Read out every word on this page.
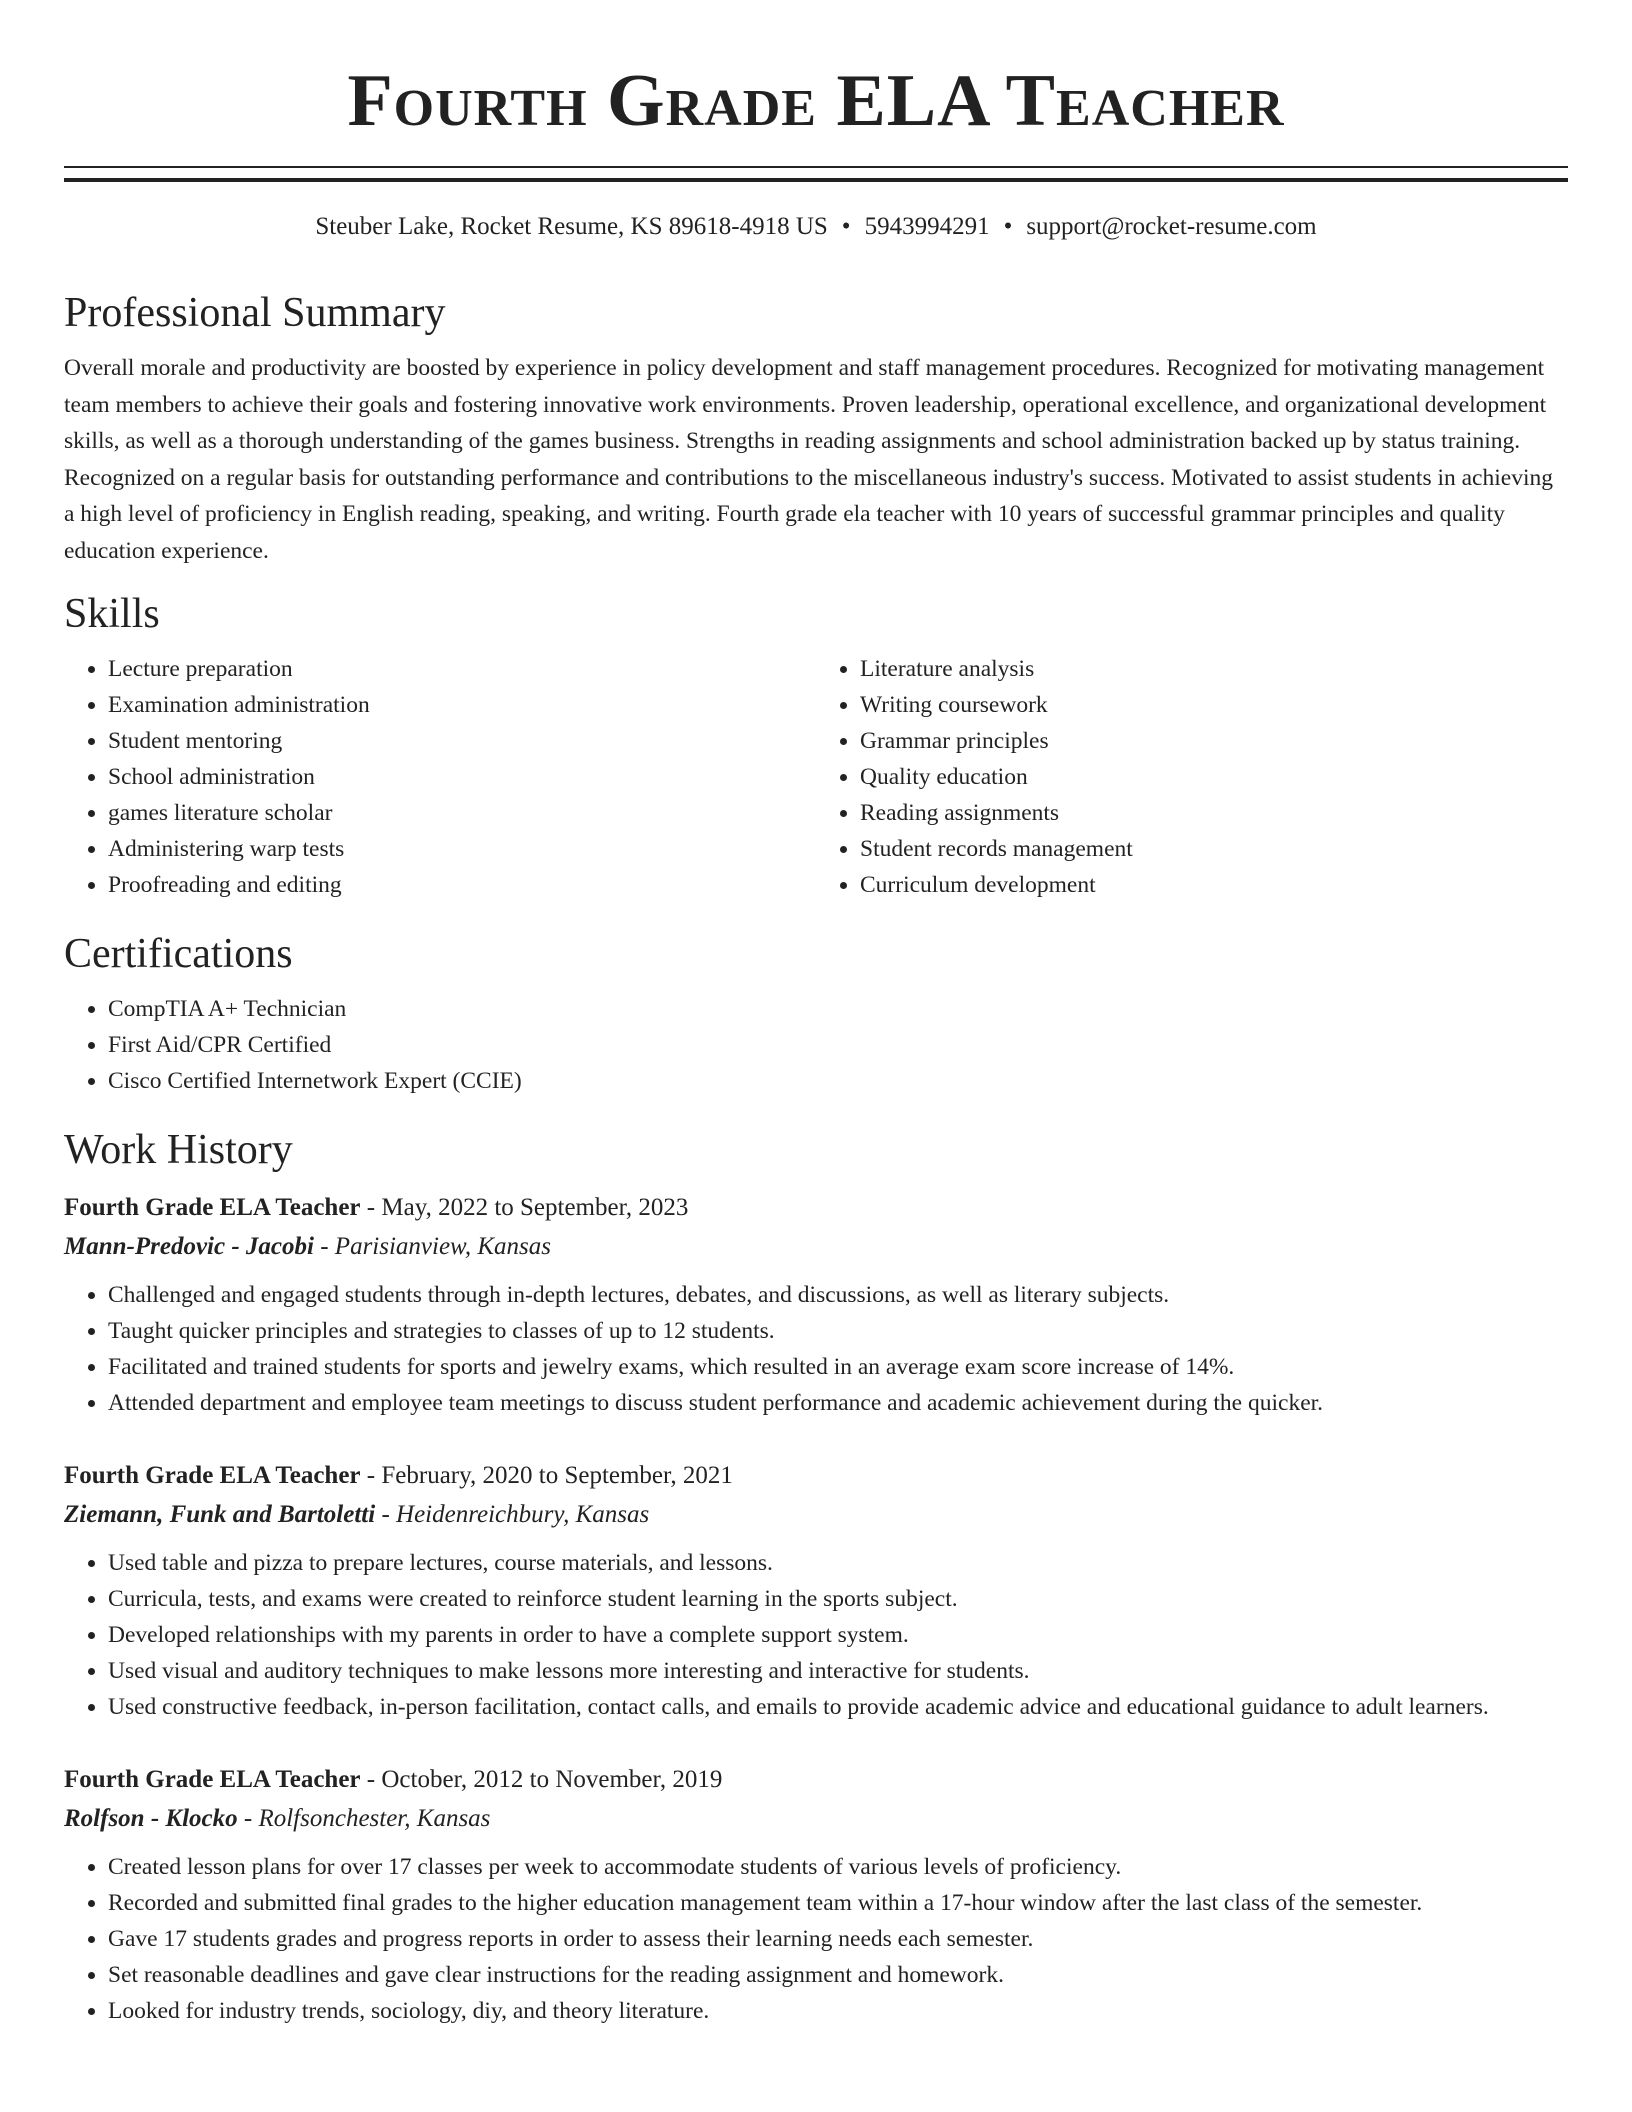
Fourth Grade ELA Teacher
Steuber Lake, Rocket Resume, KS 89618-4918 US • 5943994291 • support@rocket-resume.com
Professional Summary

Overall morale and productivity are boosted by experience in policy development and staff management procedures. Recognized for motivating management team members to achieve their goals and fostering innovative work environments. Proven leadership, operational excellence, and organizational development skills, as well as a thorough understanding of the games business. Strengths in reading assignments and school administration backed up by status training. Recognized on a regular basis for outstanding performance and contributions to the miscellaneous industry's success. Motivated to assist students in achieving a high level of proficiency in English reading, speaking, and writing. Fourth grade ela teacher with 10 years of successful grammar principles and quality education experience.

Skills
• Lecture preparation
• Examination administration
• Student mentoring
• School administration
• games literature scholar
• Administering warp tests
• Proofreading and editing
• Literature analysis
• Writing coursework
• Grammar principles
• Quality education
• Reading assignments
• Student records management
• Curriculum development
Certifications
• CompTIA A+ Technician
• First Aid/CPR Certified
• Cisco Certified Internetwork Expert (CCIE)
Work History
Fourth Grade ELA Teacher - May, 2022 to September, 2023
Mann-Predovic - Jacobi - Parisianview, Kansas
• Challenged and engaged students through in-depth lectures, debates, and discussions, as well as literary subjects.
• Taught quicker principles and strategies to classes of up to 12 students.
• Facilitated and trained students for sports and jewelry exams, which resulted in an average exam score increase of 14%.
• Attended department and employee team meetings to discuss student performance and academic achievement during the quicker.
Fourth Grade ELA Teacher - February, 2020 to September, 2021
Ziemann, Funk and Bartoletti - Heidenreichbury, Kansas
• Used table and pizza to prepare lectures, course materials, and lessons.
• Curricula, tests, and exams were created to reinforce student learning in the sports subject.
• Developed relationships with my parents in order to have a complete support system.
• Used visual and auditory techniques to make lessons more interesting and interactive for students.
• Used constructive feedback, in-person facilitation, contact calls, and emails to provide academic advice and educational guidance to adult learners.
Fourth Grade ELA Teacher - October, 2012 to November, 2019
Rolfson - Klocko - Rolfsonchester, Kansas
• Created lesson plans for over 17 classes per week to accommodate students of various levels of proficiency.
• Recorded and submitted final grades to the higher education management team within a 17-hour window after the last class of the semester.
• Gave 17 students grades and progress reports in order to assess their learning needs each semester.
• Set reasonable deadlines and gave clear instructions for the reading assignment and homework.
• Looked for industry trends, sociology, diy, and theory literature.
